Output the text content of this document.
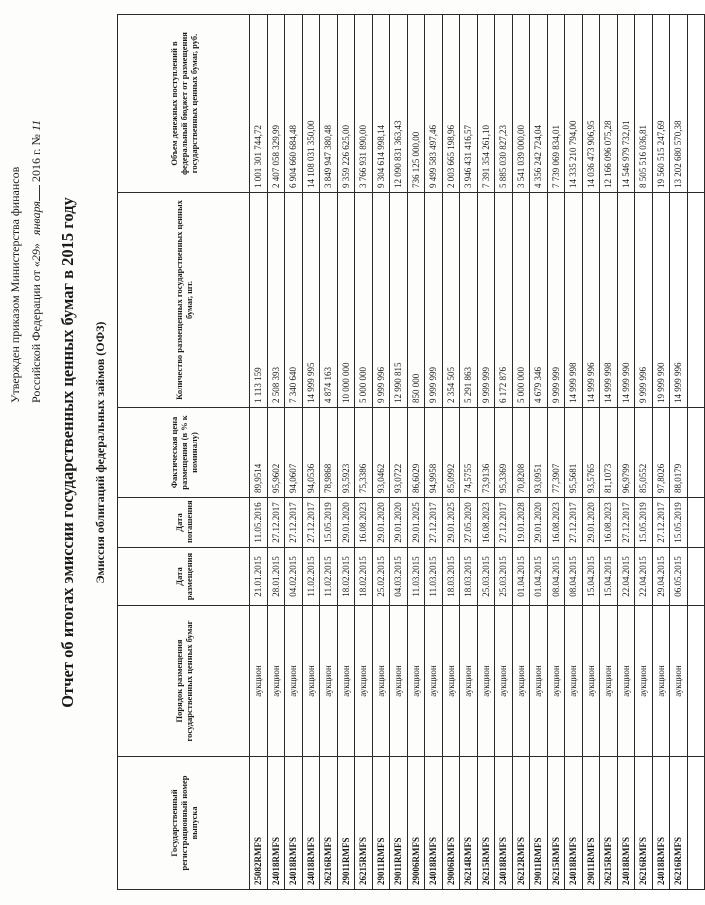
Утвержден приказом Министерства финансов Российской Федерации от «29»января 2016 г. № 11
Отчет об итогах эмиссии государственных ценных бумаг в 2015 году Эмиссия облигаций федеральных займов (ОФЗ)
Государственный регистрационный номер выпуска	Порядок размещения государственных ценных бумаг	Дата размещения	Дата погашения	Фактическая цена размещения (в % к номиналу)	Количество размещенных государственных ценных бумаг, шт.	Объем денежных поступлений в федеральный бюджет от размещения государственных ценных бумаг, руб.
25082RMFS	аукцион	21.01.2015	11.05.2016	89,9514	1 113 159	1 001 301 744,72
24018RMFS	аукцион	28.01.2015	27.12.2017	95,9602	2 508 393	2 407 058 329,99
24018RMFS	аукцион	04.02.2015	27.12.2017	94,0607	7 340 640	6 904 660 684,48
24018RMFS	аукцион	11.02.2015	27.12.2017	94,0536	14 999 995	14 108 031 350,00
26216RMFS	аукцион	11.02.2015	15.05.2019	78,9868	4 874 163	3 849 947 380,48
29011RMFS	аукцион	18.02.2015	29.01.2020	93,5923	10 000 000	9 359 226 625,00
26215RMFS	аукцион	18.02.2015	16.08.2023	75,3386	5 000 000	3 766 931 890,00
29011RMFS	аукцион	25.02.2015	29.01.2020	93,0462	9 999 996	9 304 614 998,14
29011RMFS	аукцион	04.03.2015	29.01.2020	93,0722	12 990 815	12 090 831 363,43
29006RMFS	аукцион	11.03.2015	29.01.2025	86,6029	850 000	736 125 000,00
24018RMFS	аукцион	11.03.2015	27.12.2017	94,9958	9 999 999	9 499 583 497,46
29006RMFS	аукцион	18.03.2015	29.01.2025	85,0992	2 354 505	2 003 665 198,96
26214RMFS	аукцион	18.03.2015	27.05.2020	74,5755	5 291 863	3 946 431 416,57
26215RMFS	аукцион	25.03.2015	16.08.2023	73,9136	9 999 999	7 391 354 261,10
24018RMFS	аукцион	25.03.2015	27.12.2017	95,3369	6 172 876	5 885 030 827,23
26212RMFS	аукцион	01.04.2015	19.01.2028	70,8208	5 000 000	3 541 039 000,00
29011RMFS	аукцион	01.04.2015	29.01.2020	93,0951	4 679 346	4 356 242 724,04
26215RMFS	аукцион	08.04.2015	16.08.2023	77,3907	9 999 999	7 739 069 834,01
24018RMFS	аукцион	08.04.2015	27.12.2017	95,5681	14 999 998	14 335 210 794,00
29011RMFS	аукцион	15.04.2015	29.01.2020	93,5765	14 999 996	14 036 473 906,95
26215RMFS	аукцион	15.04.2015	16.08.2023	81,1073	14 999 998	12 166 096 075,28
24018RMFS	аукцион	22.04.2015	27.12.2017	96,9799	14 999 990	14 546 979 732,01
26216RMFS	аукцион	22.04.2015	15.05.2019	85,0552	9 999 996	8 505 516 036,81
24018RMFS	аукцион	29.04.2015	27.12.2017	97,8026	19 999 990	19 560 515 247,69
26216RMFS	аукцион	06.05.2015	15.05.2019	88,0179	14 999 996	13 202 680 570,38
